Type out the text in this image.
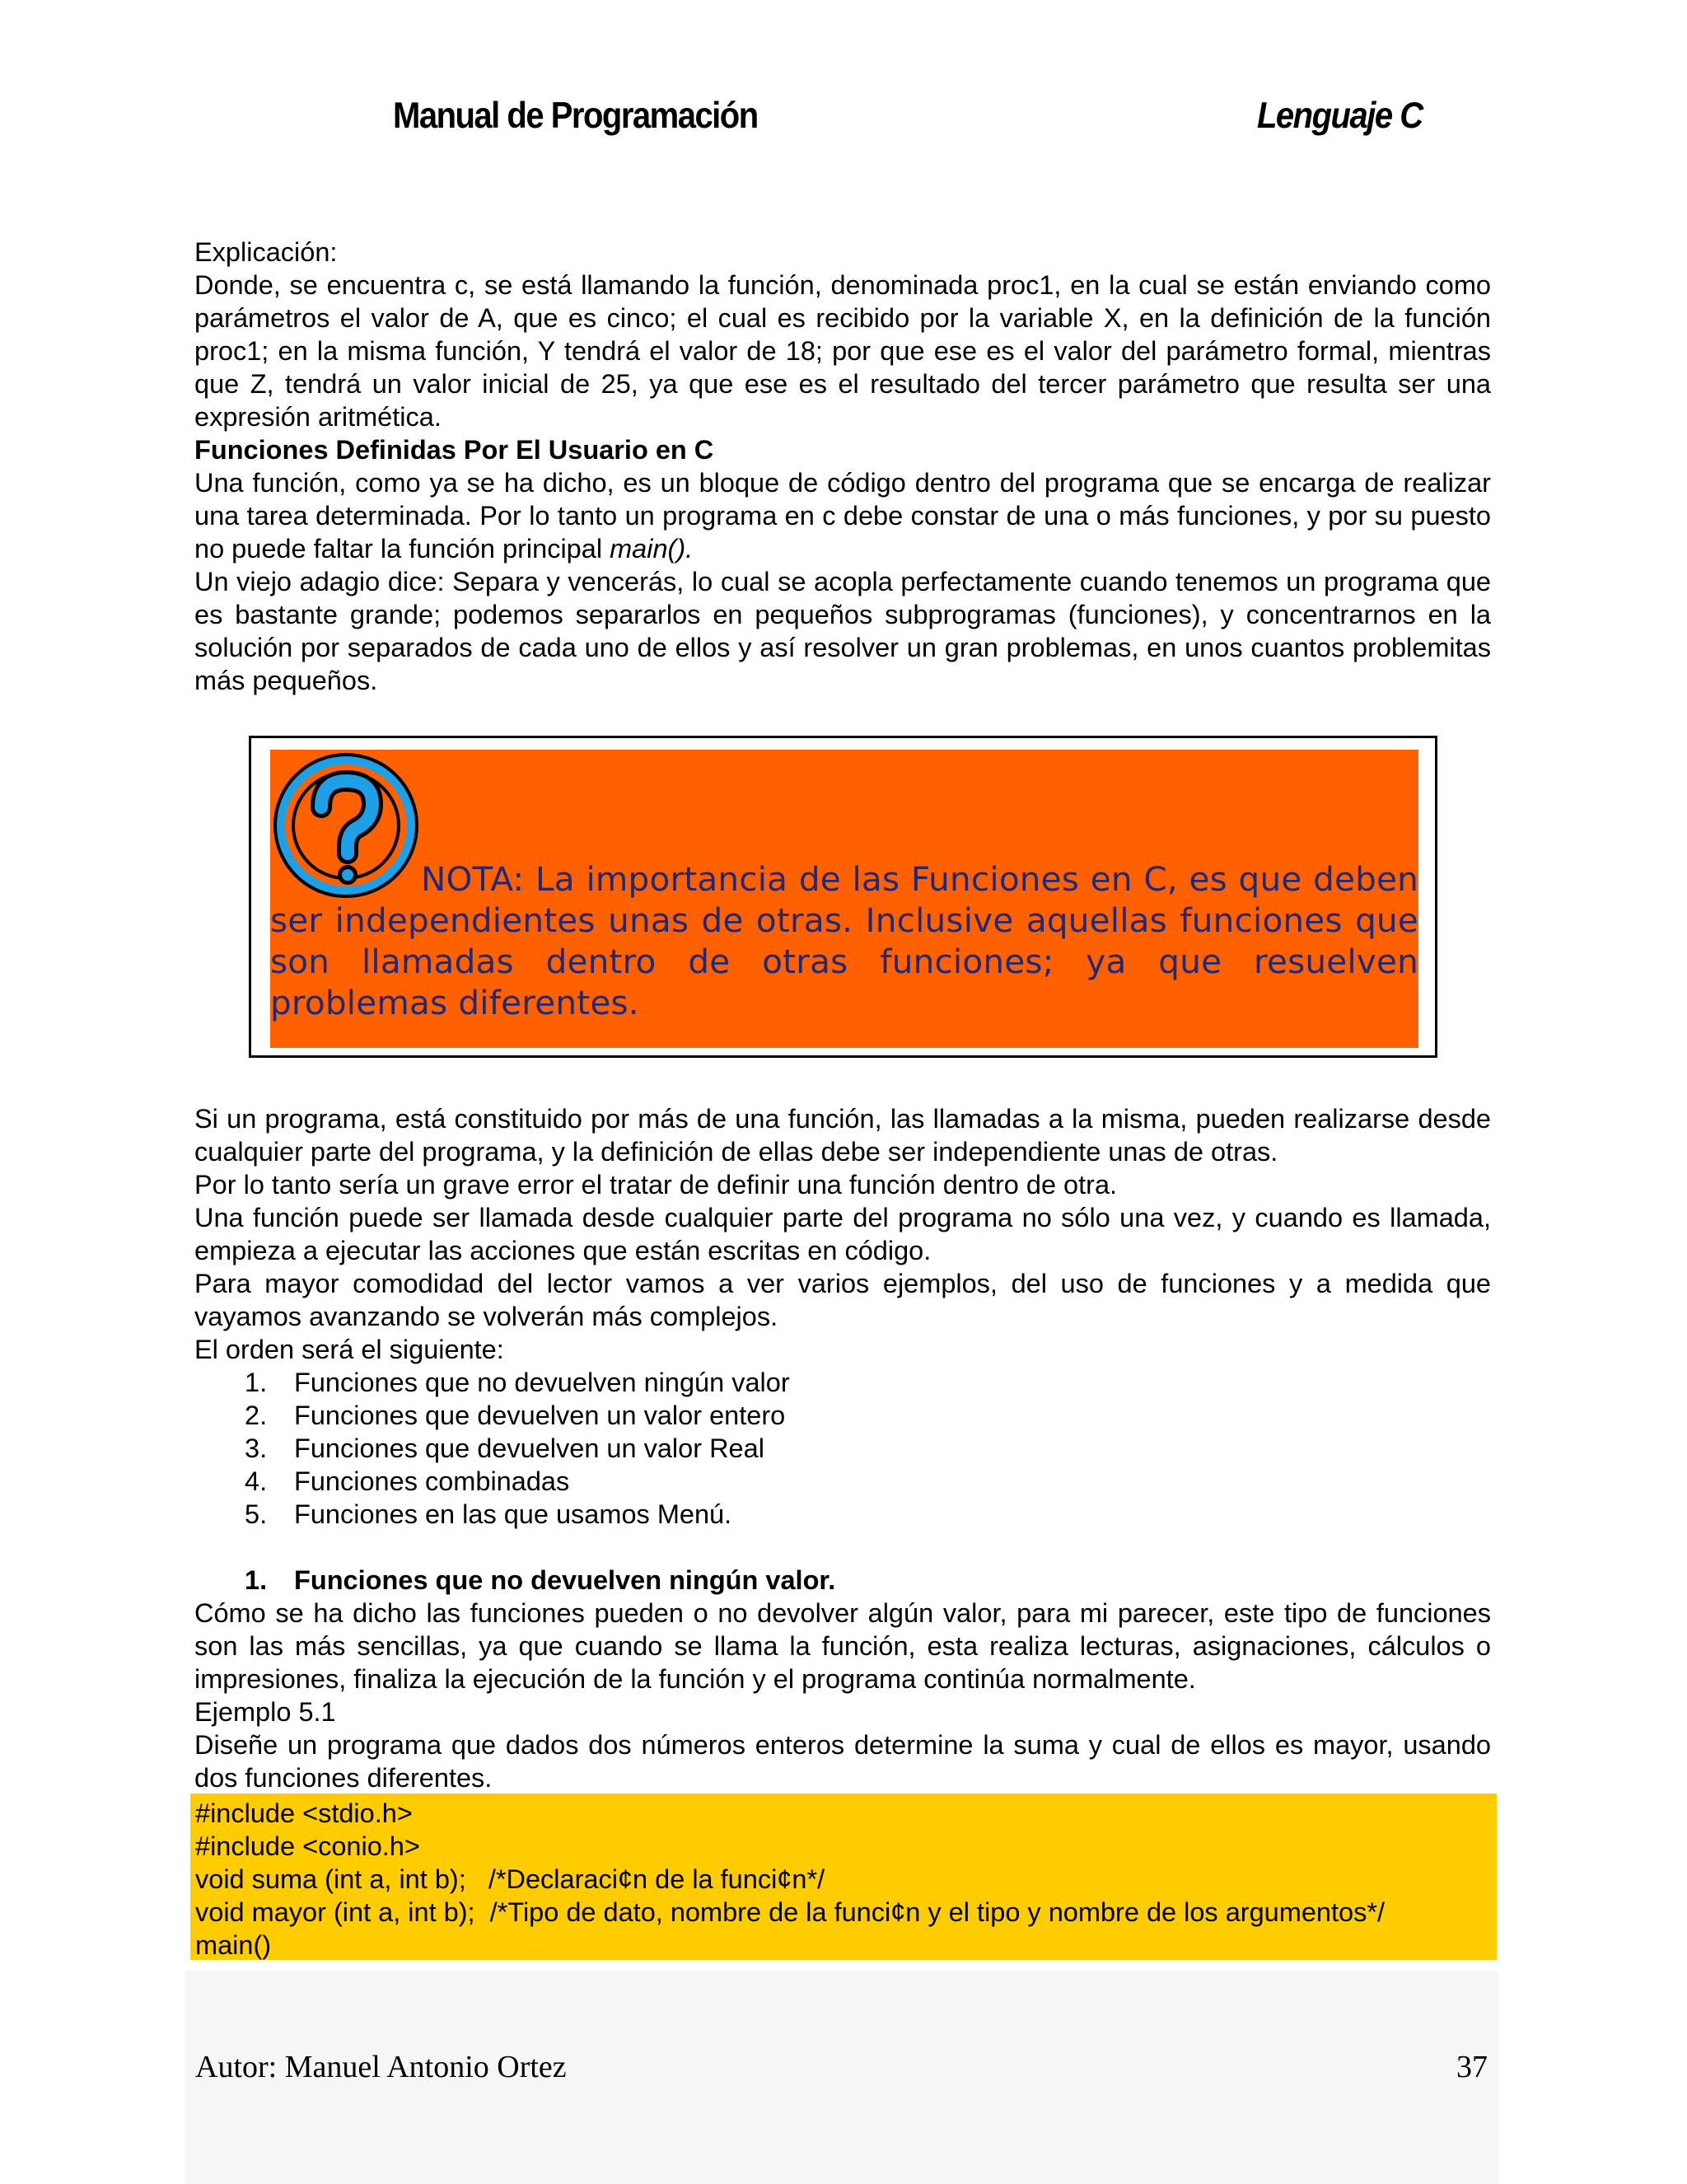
Manual de Programación	Lenguaje C

Explicación:

Donde, se encuentra c, se está llamando la función, denominada proc1, en la cual se están enviando como parámetros el valor de A, que es cinco; el cual es recibido por la variable X, en la definición de la función proc1; en la misma función, Y tendrá el valor de 18; por que ese es el valor del parámetro formal, mientras que Z, tendrá un valor inicial de 25, ya que ese es el resultado del tercer parámetro que resulta ser una expresión aritmética.

Funciones Definidas Por El Usuario en C

Una función, como ya se ha dicho, es un bloque de código dentro del programa que se encarga de realizar una tarea determinada. Por lo tanto un programa en c debe constar de una o más funciones, y por su puesto no puede faltar la función principal main().

Un viejo adagio dice: Separa y vencerás, lo cual se acopla perfectamente cuando tenemos un programa que es bastante grande; podemos separarlos en pequeños subprogramas (funciones), y concentrarnos en la solución por separados de cada uno de ellos y así resolver un gran problemas, en unos cuantos problemitas más pequeños.

NOTA: La importancia de las Funciones en C, es que deben ser independientes unas de otras. Inclusive aquellas funciones que son llamadas dentro de otras funciones; ya que resuelven problemas diferentes.

Si un programa, está constituido por más de una función, las llamadas a la misma, pueden realizarse desde cualquier parte del programa, y la definición de ellas debe ser independiente unas de otras.

Por lo tanto sería un grave error el tratar de definir una función dentro de otra.

Una función puede ser llamada desde cualquier parte del programa no sólo una vez, y cuando es llamada, empieza a ejecutar las acciones que están escritas en código.

Para mayor comodidad del lector vamos a ver varios ejemplos, del uso de funciones y a medida que vayamos avanzando se volverán más complejos.

El orden será el siguiente:

1. Funciones que no devuelven ningún valor
2. Funciones que devuelven un valor entero
3. Funciones que devuelven un valor Real
4. Funciones combinadas
5. Funciones en las que usamos Menú.
1. Funciones que no devuelven ningún valor.

Cómo se ha dicho las funciones pueden o no devolver algún valor, para mi parecer, este tipo de funciones son las más sencillas, ya que cuando se llama la función, esta realiza lecturas, asignaciones, cálculos o impresiones, finaliza la ejecución de la función y el programa continúa normalmente.

Ejemplo 5.1

Diseñe un programa que dados dos números enteros determine la suma y cual de ellos es mayor, usando dos funciones diferentes.

#include <stdio.h>
#include <conio.h>
void suma (int a, int b);   /*Declaraci¢n de la funci¢n*/
void mayor (int a, int b);  /*Tipo de dato, nombre de la funci¢n y el tipo y nombre de los argumentos*/
main()
Autor: Manuel Antonio Ortez	37
